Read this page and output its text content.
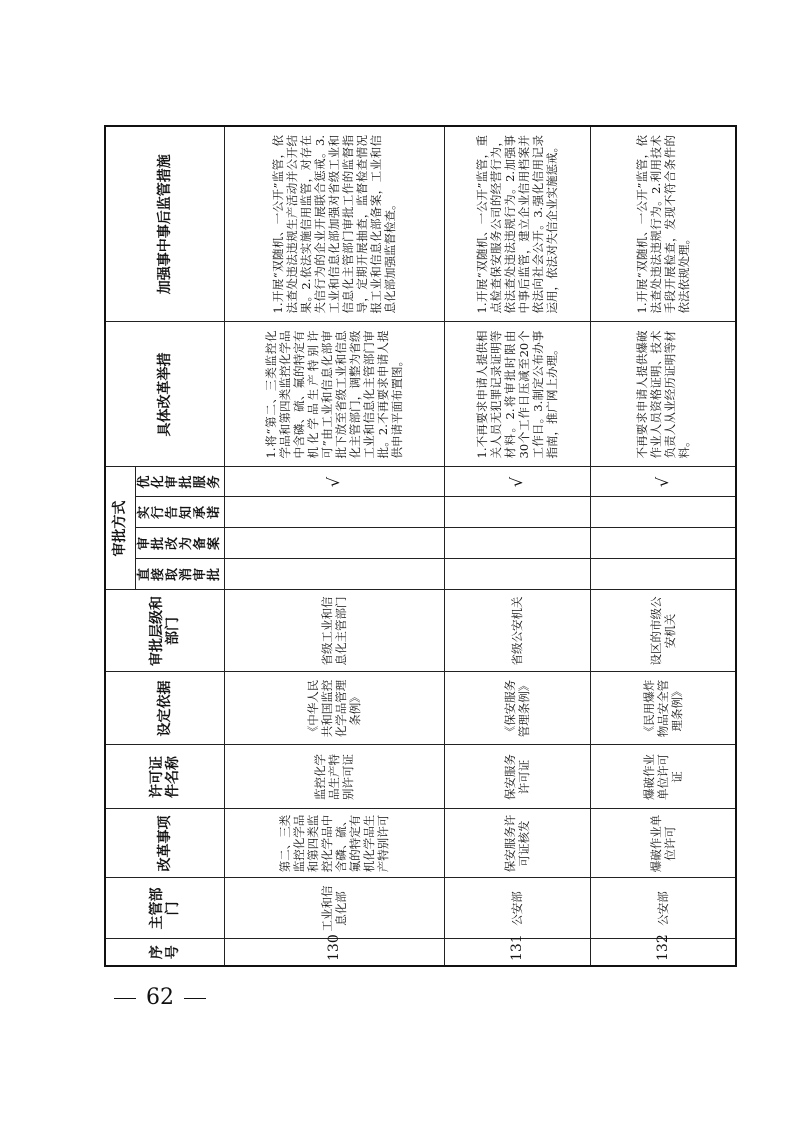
62
序号	主管部门	改革事项	许可证件名称	设定依据	审批层级和部门	审批方式				具体改革举措	加强事中事后监管措施
						直接取消审批	审批改为备案	实行告知承诺	优化审批服务		
130	工业和信息化部	第二、三类监控化学品和第四类监控化学品中含磷、硫、氟的特定有机化学品生产特别许可	监控化学品生产特别许可证	《中华人民共和国监控化学品管理条例》	省级工业和信息化主管部门				√	1.将“第二、三类监控化学品和第四类监控化学品中含磷、硫、氟的特定有机化学品生产特别许可”由工业和信息化部审批下放至省级工业和信息化主管部门，调整为省级工业和信息化主管部门审批。2.不再要求申请人提供申请平面布置图。	1.开展“双随机、一公开”监管，依法查处违法违规生产活动并公开结果。2.依法实施信用监管，对存在失信行为的企业开展联合惩戒。3.工业和信息化部加强对省级工业和信息化主管部门审批工作的监督指导，定期开展抽查，监督检查情况报工业和信息化部备案，工业和信息化部加强监督检查。
131	公安部	保安服务许可证核发	保安服务许可证	《保安服务管理条例》	省级公安机关				√	1.不再要求申请人提供相关人员无犯罪记录证明等材料。2.将审批时限由30个工作日压减至20个工作日。3.制定公布办事指南，推广网上办理。	1.开展“双随机、一公开”监管，重点检查保安服务公司的经营行为，依法查处违法违规行为。2.加强事中事后监管，建立企业信用档案并依法向社会公开。3.强化信用记录运用，依法对失信企业实施惩戒。
132	公安部	爆破作业单位许可	爆破作业单位许可证	《民用爆炸物品安全管理条例》	设区的市级公安机关				√	不再要求申请人提供爆破作业人员资格证明、技术负责人从业经历证明等材料。	1.开展“双随机、一公开”监管，依法查处违法违规行为。2.利用技术手段开展检查，发现不符合条件的依法依规处理。
